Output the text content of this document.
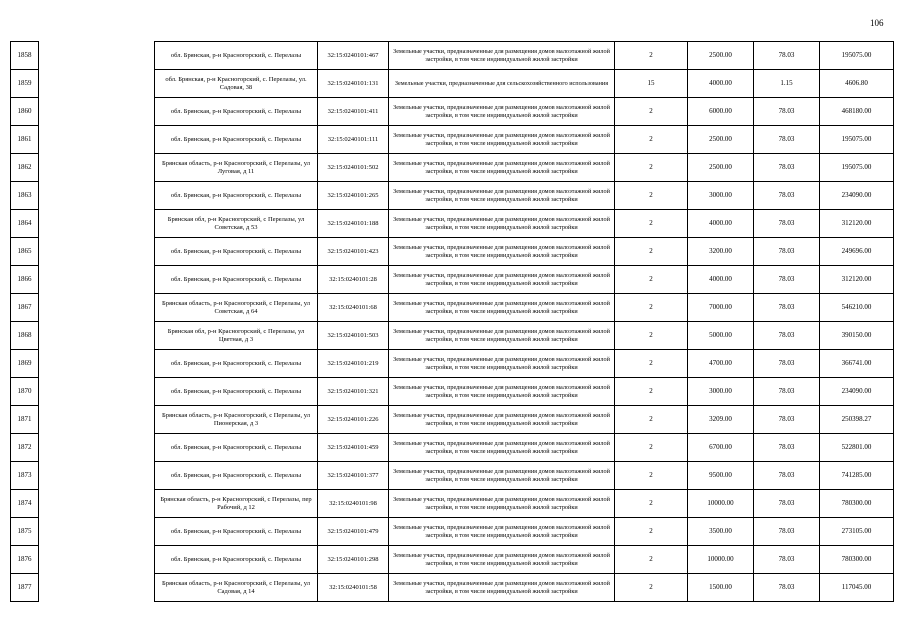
106
1858		обл. Брянская, р-н Красногорский, с. Перелазы	32:15:0240101:467	Земельные участки, предназначенные для размещения домов малоэтажной жилой застройки, в том числе индивидуальной жилой застройки	2	2500.00	78.03	195075.00
1859		обл. Брянская, р-н Красногорский, с. Перелазы, ул. Садовая, 38	32:15:0240101:131	Земельные участки, предназначенные для сельскохозяйственного использования	15	4000.00	1.15	4606.80
1860		обл. Брянская, р-н Красногорский, с. Перелазы	32:15:0240101:411	Земельные участки, предназначенные для размещения домов малоэтажной жилой застройки, в том числе индивидуальной жилой застройки	2	6000.00	78.03	468180.00
1861		обл. Брянская, р-н Красногорский, с. Перелазы	32:15:0240101:111	Земельные участки, предназначенные для размещения домов малоэтажной жилой застройки, в том числе индивидуальной жилой застройки	2	2500.00	78.03	195075.00
1862		Брянская область, р-н Красногорский, с Перелазы, ул Луговая, д 11	32:15:0240101:502	Земельные участки, предназначенные для размещения домов малоэтажной жилой застройки, в том числе индивидуальной жилой застройки	2	2500.00	78.03	195075.00
1863		обл. Брянская, р-н Красногорский, с. Перелазы	32:15:0240101:265	Земельные участки, предназначенные для размещения домов малоэтажной жилой застройки, в том числе индивидуальной жилой застройки	2	3000.00	78.03	234090.00
1864		Брянская обл, р-н Красногорский, с Перелазы, ул Советская, д 53	32:15:0240101:188	Земельные участки, предназначенные для размещения домов малоэтажной жилой застройки, в том числе индивидуальной жилой застройки	2	4000.00	78.03	312120.00
1865		обл. Брянская, р-н Красногорский, с. Перелазы	32:15:0240101:423	Земельные участки, предназначенные для размещения домов малоэтажной жилой застройки, в том числе индивидуальной жилой застройки	2	3200.00	78.03	249696.00
1866		обл. Брянская, р-н Красногорский, с. Перелазы	32:15:0240101:28	Земельные участки, предназначенные для размещения домов малоэтажной жилой застройки, в том числе индивидуальной жилой застройки	2	4000.00	78.03	312120.00
1867		Брянская область, р-н Красногорский, с Перелазы, ул Советская, д 64	32:15:0240101:68	Земельные участки, предназначенные для размещения домов малоэтажной жилой застройки, в том числе индивидуальной жилой застройки	2	7000.00	78.03	546210.00
1868		Брянская обл, р-н Красногорский, с Перелазы, ул Цветная, д 3	32:15:0240101:503	Земельные участки, предназначенные для размещения домов малоэтажной жилой застройки, в том числе индивидуальной жилой застройки	2	5000.00	78.03	390150.00
1869		обл. Брянская, р-н Красногорский, с. Перелазы	32:15:0240101:219	Земельные участки, предназначенные для размещения домов малоэтажной жилой застройки, в том числе индивидуальной жилой застройки	2	4700.00	78.03	366741.00
1870		обл. Брянская, р-н Красногорский, с. Перелазы	32:15:0240101:321	Земельные участки, предназначенные для размещения домов малоэтажной жилой застройки, в том числе индивидуальной жилой застройки	2	3000.00	78.03	234090.00
1871		Брянская область, р-н Красногорский, с Перелазы, ул Пионерская, д 3	32:15:0240101:226	Земельные участки, предназначенные для размещения домов малоэтажной жилой застройки, в том числе индивидуальной жилой застройки	2	3209.00	78.03	250398.27
1872		обл. Брянская, р-н Красногорский, с. Перелазы	32:15:0240101:459	Земельные участки, предназначенные для размещения домов малоэтажной жилой застройки, в том числе индивидуальной жилой застройки	2	6700.00	78.03	522801.00
1873		обл. Брянская, р-н Красногорский, с. Перелазы	32:15:0240101:377	Земельные участки, предназначенные для размещения домов малоэтажной жилой застройки, в том числе индивидуальной жилой застройки	2	9500.00	78.03	741285.00
1874		Брянская область, р-н Красногорский, с Перелазы, пер Рабочий, д 12	32:15:0240101:98	Земельные участки, предназначенные для размещения домов малоэтажной жилой застройки, в том числе индивидуальной жилой застройки	2	10000.00	78.03	780300.00
1875		обл. Брянская, р-н Красногорский, с. Перелазы	32:15:0240101:479	Земельные участки, предназначенные для размещения домов малоэтажной жилой застройки, в том числе индивидуальной жилой застройки	2	3500.00	78.03	273105.00
1876		обл. Брянская, р-н Красногорский, с. Перелазы	32:15:0240101:298	Земельные участки, предназначенные для размещения домов малоэтажной жилой застройки, в том числе индивидуальной жилой застройки	2	10000.00	78.03	780300.00
1877		Брянская область, р-н Красногорский, с Перелазы, ул Садовая, д 14	32:15:0240101:58	Земельные участки, предназначенные для размещения домов малоэтажной жилой застройки, в том числе индивидуальной жилой застройки	2	1500.00	78.03	117045.00
